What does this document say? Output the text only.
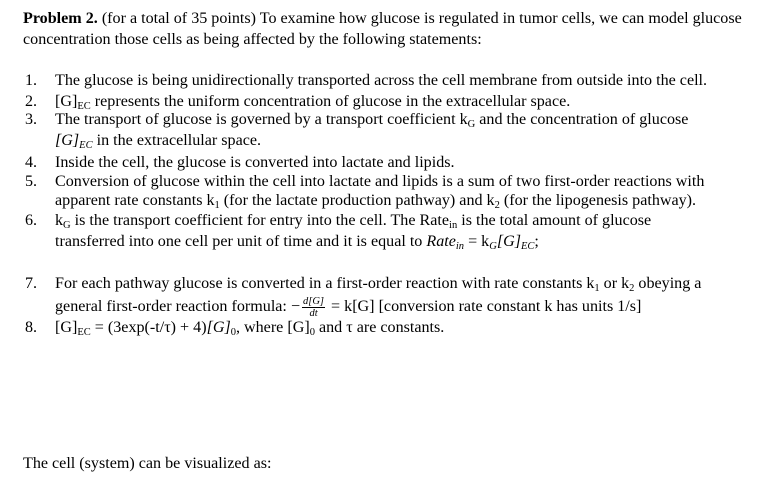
Problem 2. (for a total of 35 points) To examine how glucose is regulated in tumor cells, we can model glucose concentration those cells as being affected by the following statements:

1.	The glucose is being unidirectionally transported across the cell membrane from outside into the cell.
2.	[G]EC represents the uniform concentration of glucose in the extracellular space.
3.	The transport of glucose is governed by a transport coefficient kG and the concentration of glucose [G]EC in the extracellular space.
4.	Inside the cell, the glucose is converted into lactate and lipids.
5.	Conversion of glucose within the cell into lactate and lipids is a sum of two first-order reactions with apparent rate constants k1 (for the lactate production pathway) and k2 (for the lipogenesis pathway).
6.	kG is the transport coefficient for entry into the cell. The Ratein is the total amount of glucose transferred into one cell per unit of time and it is equal to Ratein = kG[G]EC;
7.	For each pathway glucose is converted in a first-order reaction with rate constants k1 or k2 obeying a general first-order reaction formula: − $\frac{d[G]}{dt} = k[G]$ [conversion rate constant k has units 1/s]
8.	[G]EC = (3exp(-t/τ) + 4)[G]0, where [G]0 and τ are constants.

The cell (system) can be visualized as:
